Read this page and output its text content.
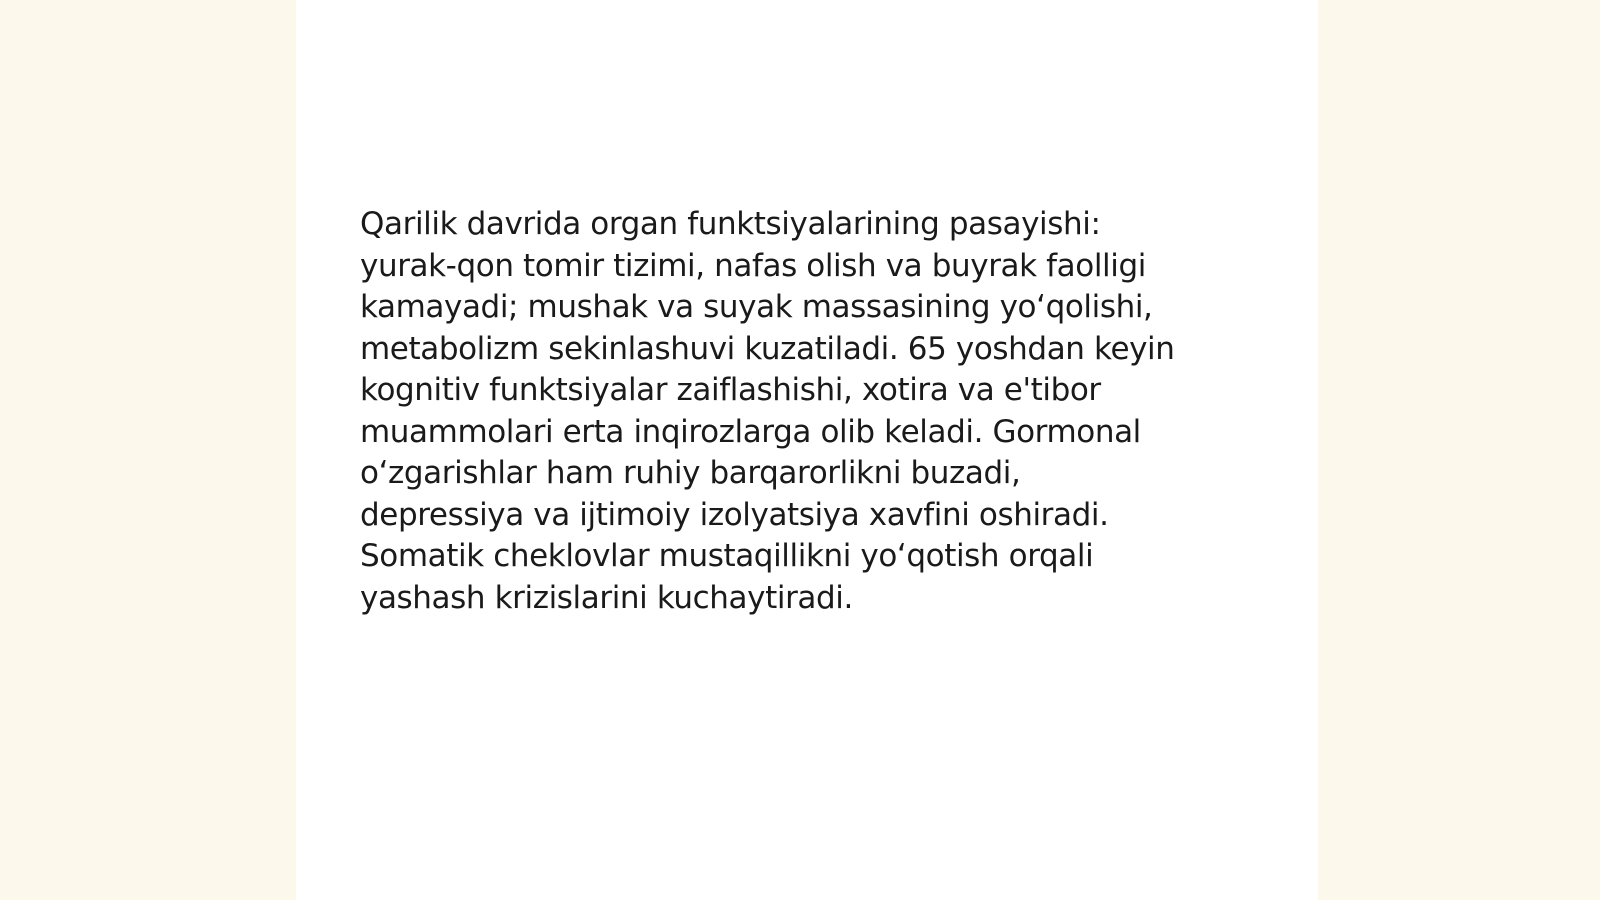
Qarilik davrida organ funktsiyalarining pasayishi:
yurak-qon tomir tizimi, nafas olish va buyrak faolligi
kamayadi; mushak va suyak massasining yo‘qolishi,
metabolizm sekinlashuvi kuzatiladi. 65 yoshdan keyin
kognitiv funktsiyalar zaiflashishi, xotira va e'tibor
muammolari erta inqirozlarga olib keladi. Gormonal
o‘zgarishlar ham ruhiy barqarorlikni buzadi,
depressiya va ijtimoiy izolyatsiya xavfini oshiradi.
Somatik cheklovlar mustaqillikni yo‘qotish orqali
yashash krizislarini kuchaytiradi.
